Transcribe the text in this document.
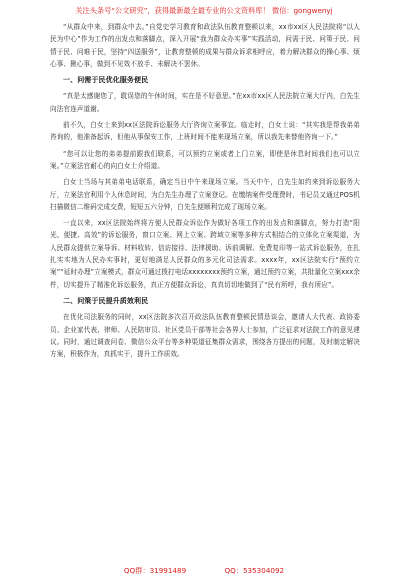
关注头条号“公文研究”，获得最新最全最专业的公文资料库！ 微信：gongwenyj

“从群众中来，到群众中去。”自党史学习教育和政法队伍教育整顿以来，xx市xx区人民法院将“以人民为中心”作为工作的出发点和落脚点，深入开展“我为群众办实事”实践活动，问需于民、问策于民、问情于民、问难于民，坚持“四送服务”，让教育整顿的成果与群众诉求相呼应，着力解决群众的操心事、烦心事、揪心事，做到不见效不放手、未解决不罢休。

一、问需于民优化服务便民

“真是太感谢您了，耽误您的午休时间，实在是不好意思。”在xx市xx区人民法院立案大厅内，白先生向法官连声道谢。

前不久，白女士来到xx区法院诉讼服务大厅咨询立案事宜。临走时，白女士说：“其实我是帮我弟弟咨询的，他准备起诉，但他从事保安工作，上班时间不能来现场立案，所以我先来替他咨询一下。”

“您可以让您的弟弟提前跟我们联系，可以预约立案或者上门立案，即使是休息时间我们也可以立案。”立案法官耐心的向白女士介绍道。

白女士当场与其弟弟电话联系，确定当日中午来现场立案。当天中午，白先生如约来到诉讼服务大厅，立案法官利用个人休息时间，为白先生办理了立案登记。在缴纳案件受理费时，书记员又通过POS机扫描微信二维码完成交费，短短五六分钟，白先生便顺利完成了现场立案。

一直以来，xx区法院始终将方便人民群众诉讼作为做好各项工作的出发点和落脚点，努力打造“阳光、便捷、高效”的诉讼服务，窗口立案、网上立案、跨域立案等多种方式相结合的立体化立案渠道，为人民群众提供立案导诉、材料收转、信访接待、法律援助、诉前调解、免费复印等一站式诉讼服务，在扎扎实实地为人民办实事时，更好地满足人民群众的多元化司法需求。xxxx年，xx区法院实行“预约立案”“延时办理”立案模式，群众可通过拨打电话xxxxxxxx预约立案，通过预约立案，共批量化立案xxx余件，切实提升了精准化诉讼服务，真正方便群众诉讼，真真切切地做到了“民有所呼，我有所应”。

二、问策于民提升质效利民

在优化司法服务的同时，xx区法院多次召开政法队伍教育整顿民情恳谈会，邀请人大代表、政协委员、企业家代表、律师、人民陪审员、社区党员干部等社会各界人士参加，广泛征求对法院工作的意见建议。同时，通过调查问卷、微信公众平台等多种渠道征集群众需求，围绕各方提出的问题，及时制定解决方案，积极作为，真抓实干，提升工作质效。

QQ群：31991489	QQ：535304092
